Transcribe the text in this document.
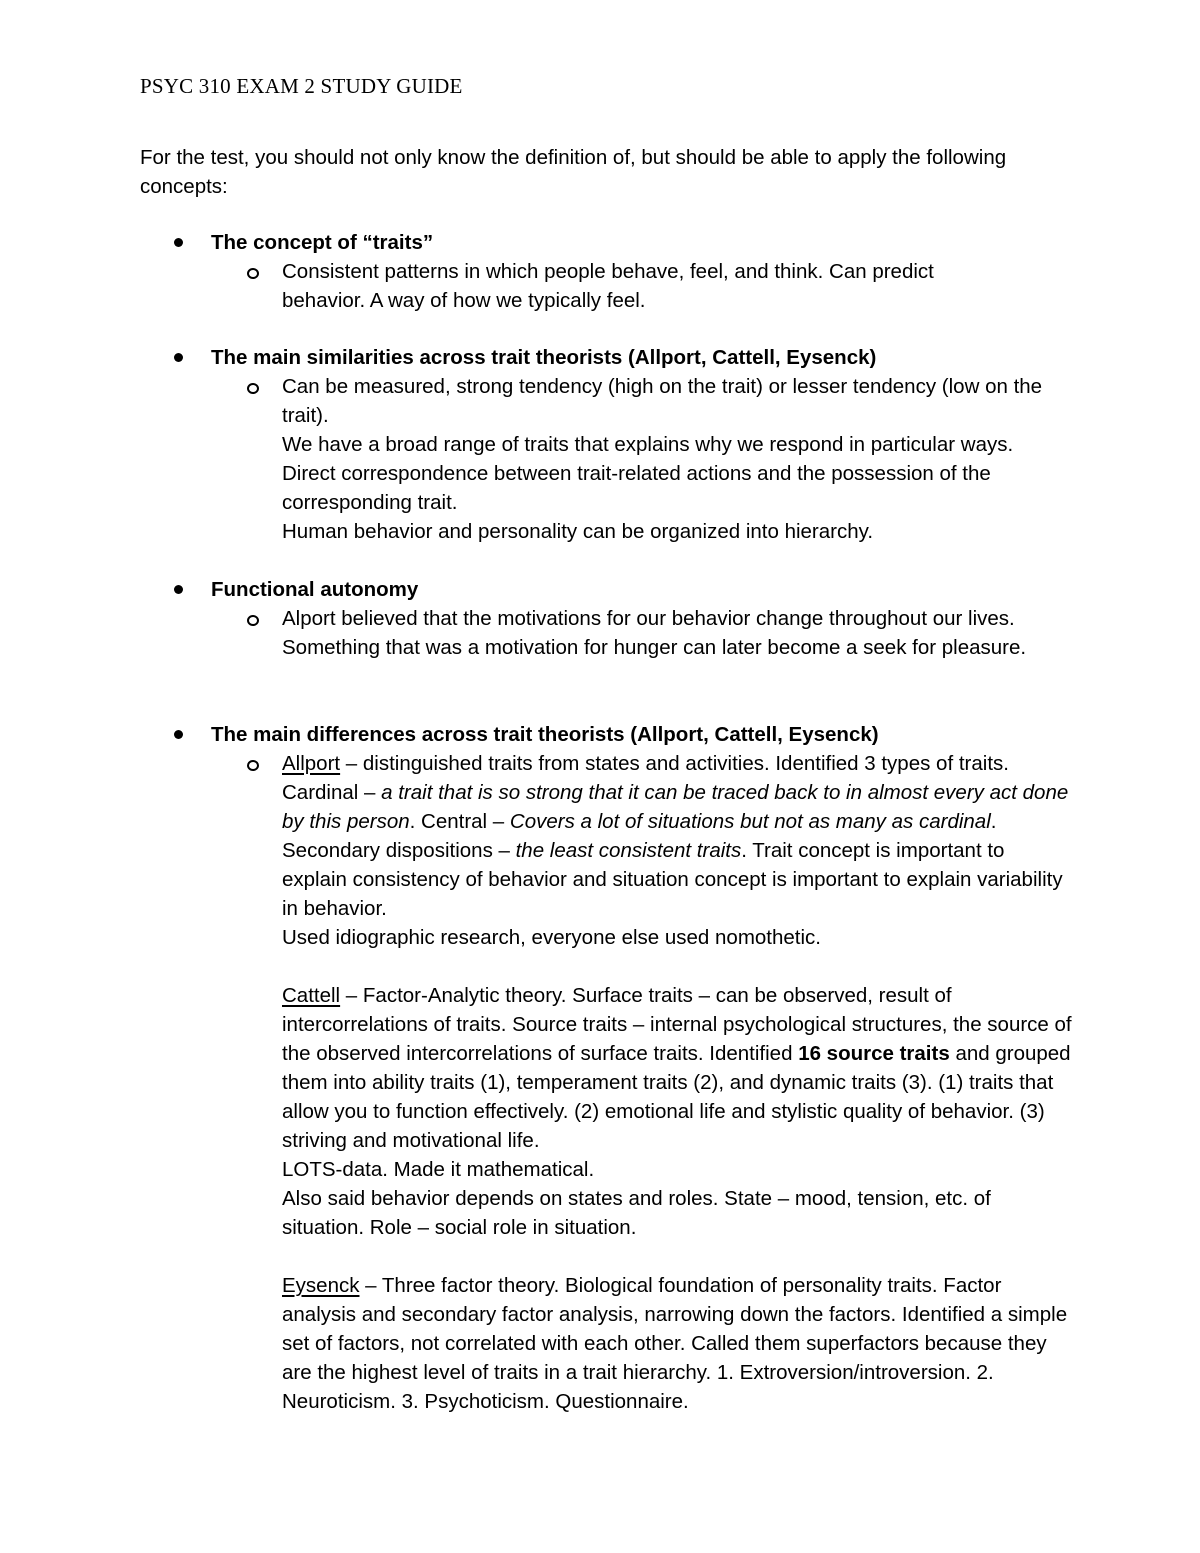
PSYC 310 EXAM 2 STUDY GUIDE
For the test, you should not only know the definition of, but should be able to apply the following concepts:
The concept of “traits”
Consistent patterns in which people behave, feel, and think. Can predict behavior. A way of how we typically feel.
The main similarities across trait theorists (Allport, Cattell, Eysenck)

Can be measured, strong tendency (high on the trait) or lesser tendency (low on the trait).

We have a broad range of traits that explains why we respond in particular ways.

Direct correspondence between trait-related actions and the possession of the corresponding trait.

Human behavior and personality can be organized into hierarchy.

Functional autonomy
Alport believed that the motivations for our behavior change throughout our lives. Something that was a motivation for hunger can later become a seek for pleasure.
The main differences across trait theorists (Allport, Cattell, Eysenck)

Allport – distinguished traits from states and activities. Identified 3 types of traits. Cardinal – a trait that is so strong that it can be traced back to in almost every act done by this person. Central – Covers a lot of situations but not as many as cardinal. Secondary dispositions – the least consistent traits. Trait concept is important to explain consistency of behavior and situation concept is important to explain variability in behavior.

Used idiographic research, everyone else used nomothetic.

Cattell – Factor-Analytic theory. Surface traits – can be observed, result of intercorrelations of traits. Source traits – internal psychological structures, the source of the observed intercorrelations of surface traits. Identified 16 source traits and grouped them into ability traits (1), temperament traits (2), and dynamic traits (3). (1) traits that allow you to function effectively. (2) emotional life and stylistic quality of behavior. (3) striving and motivational life.

LOTS-data. Made it mathematical.

Also said behavior depends on states and roles. State – mood, tension, etc. of situation. Role – social role in situation.

Eysenck – Three factor theory. Biological foundation of personality traits. Factor analysis and secondary factor analysis, narrowing down the factors. Identified a simple set of factors, not correlated with each other. Called them superfactors because they are the highest level of traits in a trait hierarchy. 1. Extroversion/introversion. 2. Neuroticism. 3. Psychoticism. Questionnaire.
